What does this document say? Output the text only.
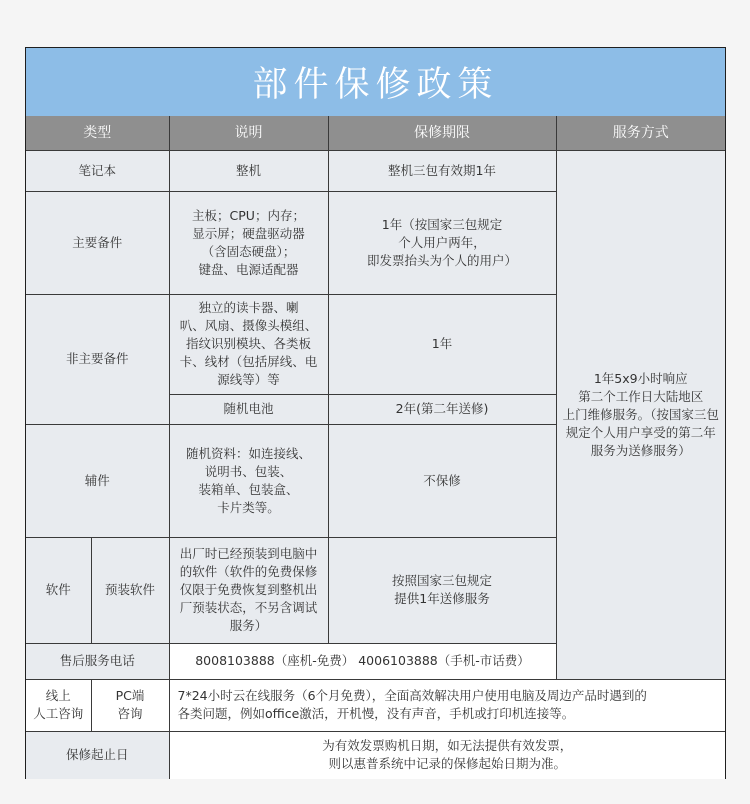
部件保修政策
类型		说明	保修期限	服务方式
笔记本		整机	整机三包有效期1年	1年5x9小时响应
第二个工作日大陆地区
上门维修服务。（按国家三包规定个人用户享受的第二年服务为送修服务）
主要备件		主板；CPU；内存；
显示屏；硬盘驱动器
（含固态硬盘）；
键盘、电源适配器	1年（按国家三包规定
个人用户两年，
即发票抬头为个人的用户）	
非主要备件		独立的读卡器、喇
叭、风扇、摄像头模组、
指纹识别模块、各类板
卡、线材（包括屏线、电
源线等）等	1年	
		随机电池	2年(第二年送修)	
辅件		随机资料：如连接线、
说明书、包装、
装箱单、包装盒、
卡片类等。	不保修	
软件	预装软件	出厂时已经预装到电脑中
的软件（软件的免费保修
仅限于免费恢复到整机出
厂预装状态，不另含调试
服务）	按照国家三包规定
提供1年送修服务	
售后服务电话		8008103888（座机-免费） 4006103888（手机-市话费）		
线上
人工咨询	PC端
咨询	7*24小时云在线服务（6个月免费），全面高效解决用户使用电脑及周边产品时遇到的
各类问题，例如office激活，开机慢，没有声音，手机或打印机连接等。		
保修起止日		为有效发票购机日期，如无法提供有效发票，
则以惠普系统中记录的保修起始日期为准。		
